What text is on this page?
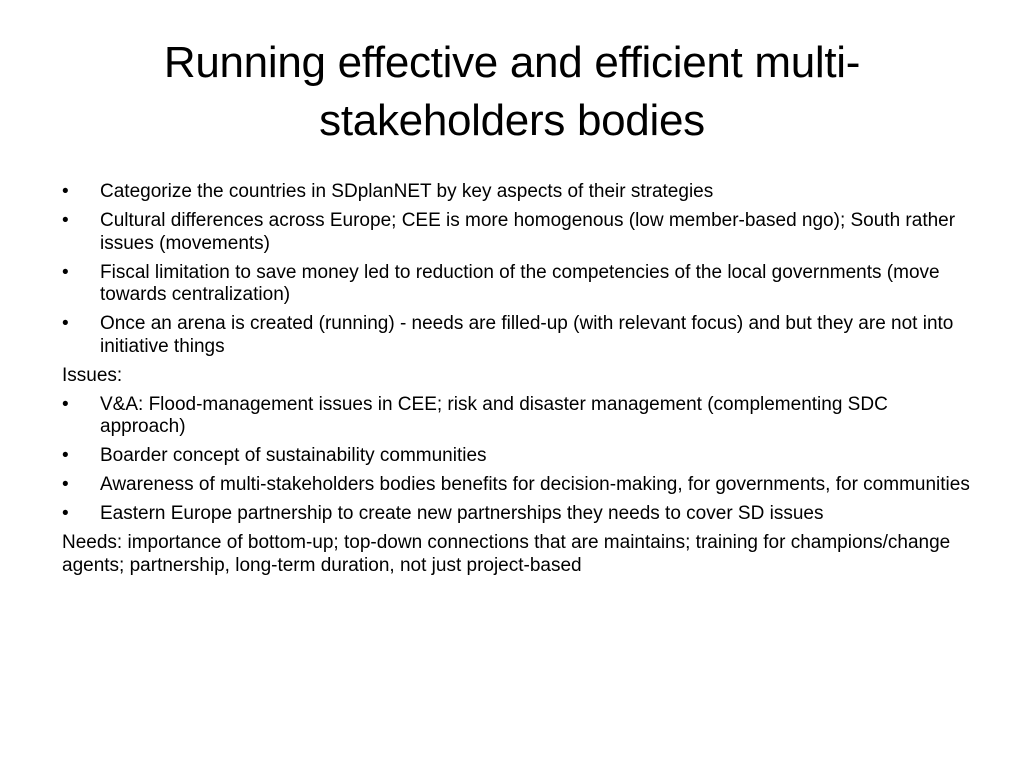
Running effective and efficient multi-stakeholders bodies
•	Categorize the countries in SDplanNET by key aspects of their strategies
•	Cultural differences across Europe; CEE is more homogenous (low member-based ngo); South rather issues (movements)
•	Fiscal limitation to save money led to reduction of the competencies of the local governments (move towards centralization)
•	Once an arena is created (running) - needs are filled-up (with relevant focus) and but they are not into initiative things
Issues:
•	V&A: Flood-management issues in CEE; risk and disaster management (complementing SDC approach)
•	Boarder concept of sustainability communities
•	Awareness of multi-stakeholders bodies benefits for decision-making, for governments, for communities
•	Eastern Europe partnership to create new partnerships they needs to cover SD issues
Needs: importance of bottom-up; top-down connections that are maintains; training for champions/change agents; partnership, long-term duration, not just project-based
